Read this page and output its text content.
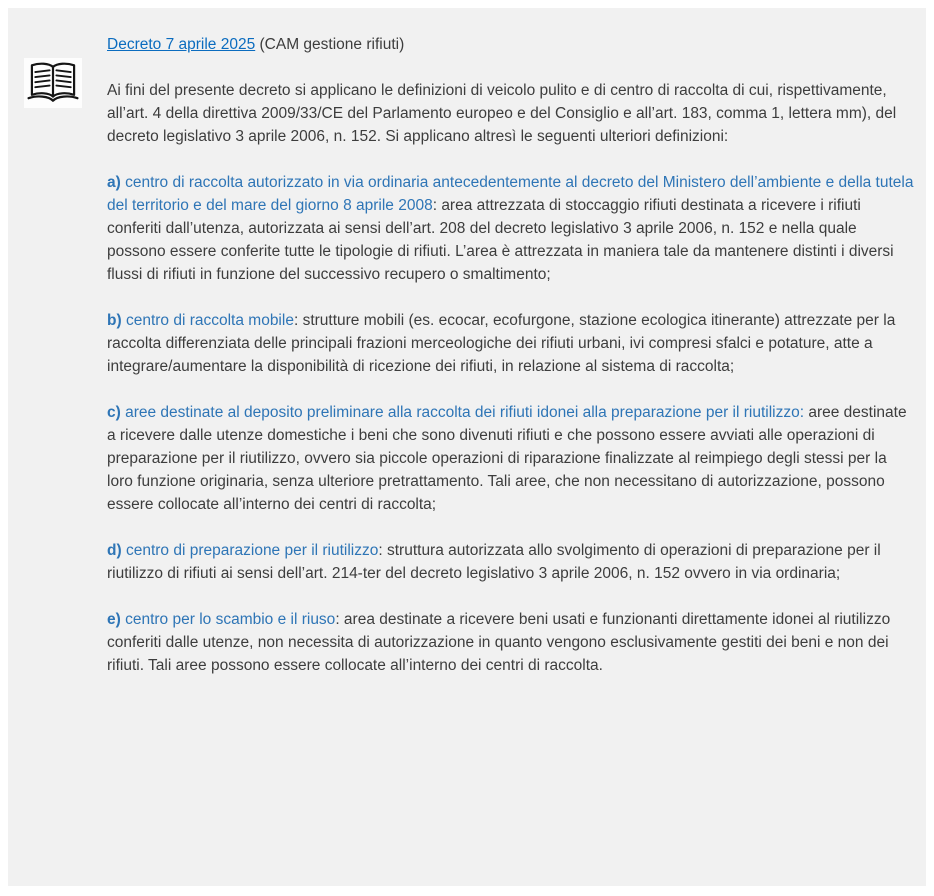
Decreto 7 aprile 2025 (CAM gestione rifiuti)

Ai fini del presente decreto si applicano le definizioni di veicolo pulito e di centro di raccolta di cui, rispettivamente, all’art. 4 della direttiva 2009/33/CE del Parlamento europeo e del Consiglio e all’art. 183, comma 1, lettera mm), del decreto legislativo 3 aprile 2006, n. 152. Si applicano altresì le seguenti ulteriori definizioni:

a) centro di raccolta autorizzato in via ordinaria antecedentemente al decreto del Ministero dell’ambiente e della tutela del territorio e del mare del giorno 8 aprile 2008: area attrezzata di stoccaggio rifiuti destinata a ricevere i rifiuti conferiti dall’utenza, autorizzata ai sensi dell’art. 208 del decreto legislativo 3 aprile 2006, n. 152 e nella quale possono essere conferite tutte le tipologie di rifiuti. L’area è attrezzata in maniera tale da mantenere distinti i diversi flussi di rifiuti in funzione del successivo recupero o smaltimento;

b) centro di raccolta mobile: strutture mobili (es. ecocar, ecofurgone, stazione ecologica itinerante) attrezzate per la raccolta differenziata delle principali frazioni merceologiche dei rifiuti urbani, ivi compresi sfalci e potature, atte a integrare/aumentare la disponibilità di ricezione dei rifiuti, in relazione al sistema di raccolta;

c) aree destinate al deposito preliminare alla raccolta dei rifiuti idonei alla preparazione per il riutilizzo: aree destinate a ricevere dalle utenze domestiche i beni che sono divenuti rifiuti e che possono essere avviati alle operazioni di preparazione per il riutilizzo, ovvero sia piccole operazioni di riparazione finalizzate al reimpiego degli stessi per la loro funzione originaria, senza ulteriore pretrattamento. Tali aree, che non necessitano di autorizzazione, possono essere collocate all’interno dei centri di raccolta;

d) centro di preparazione per il riutilizzo: struttura autorizzata allo svolgimento di operazioni di preparazione per il riutilizzo di rifiuti ai sensi dell’art. 214-ter del decreto legislativo 3 aprile 2006, n. 152 ovvero in via ordinaria;

e) centro per lo scambio e il riuso: area destinate a ricevere beni usati e funzionanti direttamente idonei al riutilizzo conferiti dalle utenze, non necessita di autorizzazione in quanto vengono esclusivamente gestiti dei beni e non dei rifiuti. Tali aree possono essere collocate all’interno dei centri di raccolta.
